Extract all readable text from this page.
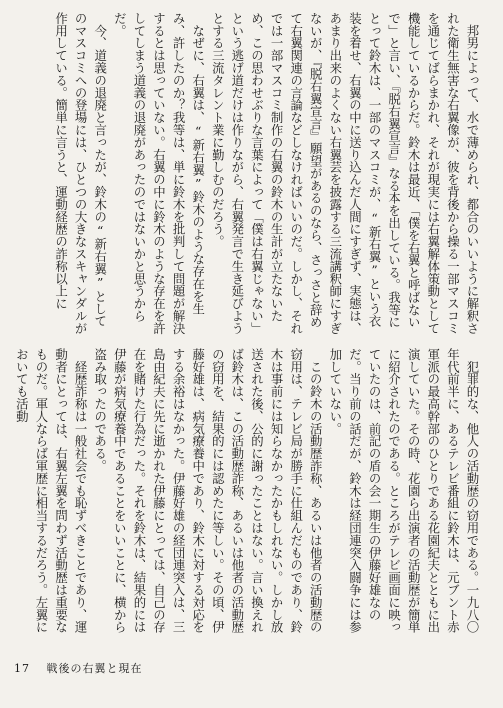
　邦男によって、水で薄められ、都合のいいように解釈された衛生無害な右翼像が、彼を背後から操る一部マスコミを通じてばらまかれ、それが現実には右翼解体策動として機能しているからだ。鈴木は最近、「僕を右翼と呼ばないで」と言い、『脱右翼宣言』なる本を出している。我等にとって鈴木は、一部のマスコミが、“新右翼”という衣装を着せ、右翼の中に送り込んだ人間にすぎず、実態は、あまり出来のよくない右翼芸を披露する三流講釈師にすぎないが、『脱右翼宣言』願望があるのなら、さっさと辞めて右翼関連の言論などしなければいいのだ。しかし、それでは一部マスコミ制作の右翼の鈴木の生計が立たないため、この思わせぶりな言葉によって「僕は右翼じゃない」という逃げ道だけは作りながら、右翼発言で生き延びようとする三流タレント業に勤しむのだろう。

　なぜに、右翼は、“新右翼”鈴木のような存在を生み、許したのか？我等は、単に鈴木を批判して問題が解決するとは思っていない。右翼の中に鈴木のような存在を許してしまう道義の退廃があったのではないかと思うからだ。

　今、道義の退廃と言ったが、鈴木の“新右翼”としてのマスコミへの登場には、ひとつの大きなスキャンダルが作用している。簡単に言うと、運動経歴の詐称以上に

　犯罪的な、他人の活動歴の窃用である。一九八〇年代前半に、あるテレビ番組に鈴木は、元ブント赤軍派の最高幹部のひとりである花園紀夫とともに出演していた。その時、花園ら出演者の活動歴が簡単に紹介されたのである。ところがテレビ画面に映っていたのは、前記の盾の会一期生の伊藤好雄なのだ。当り前の話だが、鈴木は経団連突入闘争には参加していない。

　この鈴木の活動歴詐称、あるいは他者の活動歴の窃用は、テレビ局が勝手に仕組んだものであり、鈴木は事前には知らなかったかもしれない。しかし放送された後、公的に謝ったことはない。言い換えれば鈴木は、この活動歴詐称、あるいは他者の活動歴の窃用を、結果的には認めたに等しい。その頃、伊藤好雄は、病気療養中であり、鈴木に対する対応をする余裕はなかった。伊藤好雄の経団連突入は、三島由紀夫に先に逝かれた伊藤にとっては、自己の存在を賭けた行為だった。それを鈴木は、結果的には伊藤が病気療養中であることをいいことに、横から盗み取ったのである。

　経歴詐称は一般社会でも恥ずべきことであり、運動者にとっては、右翼左翼を問わず活動歴は重要なものだ。軍人ならば軍歴に相当するだろう。左翼においても活動

17 戦後の右翼と現在
